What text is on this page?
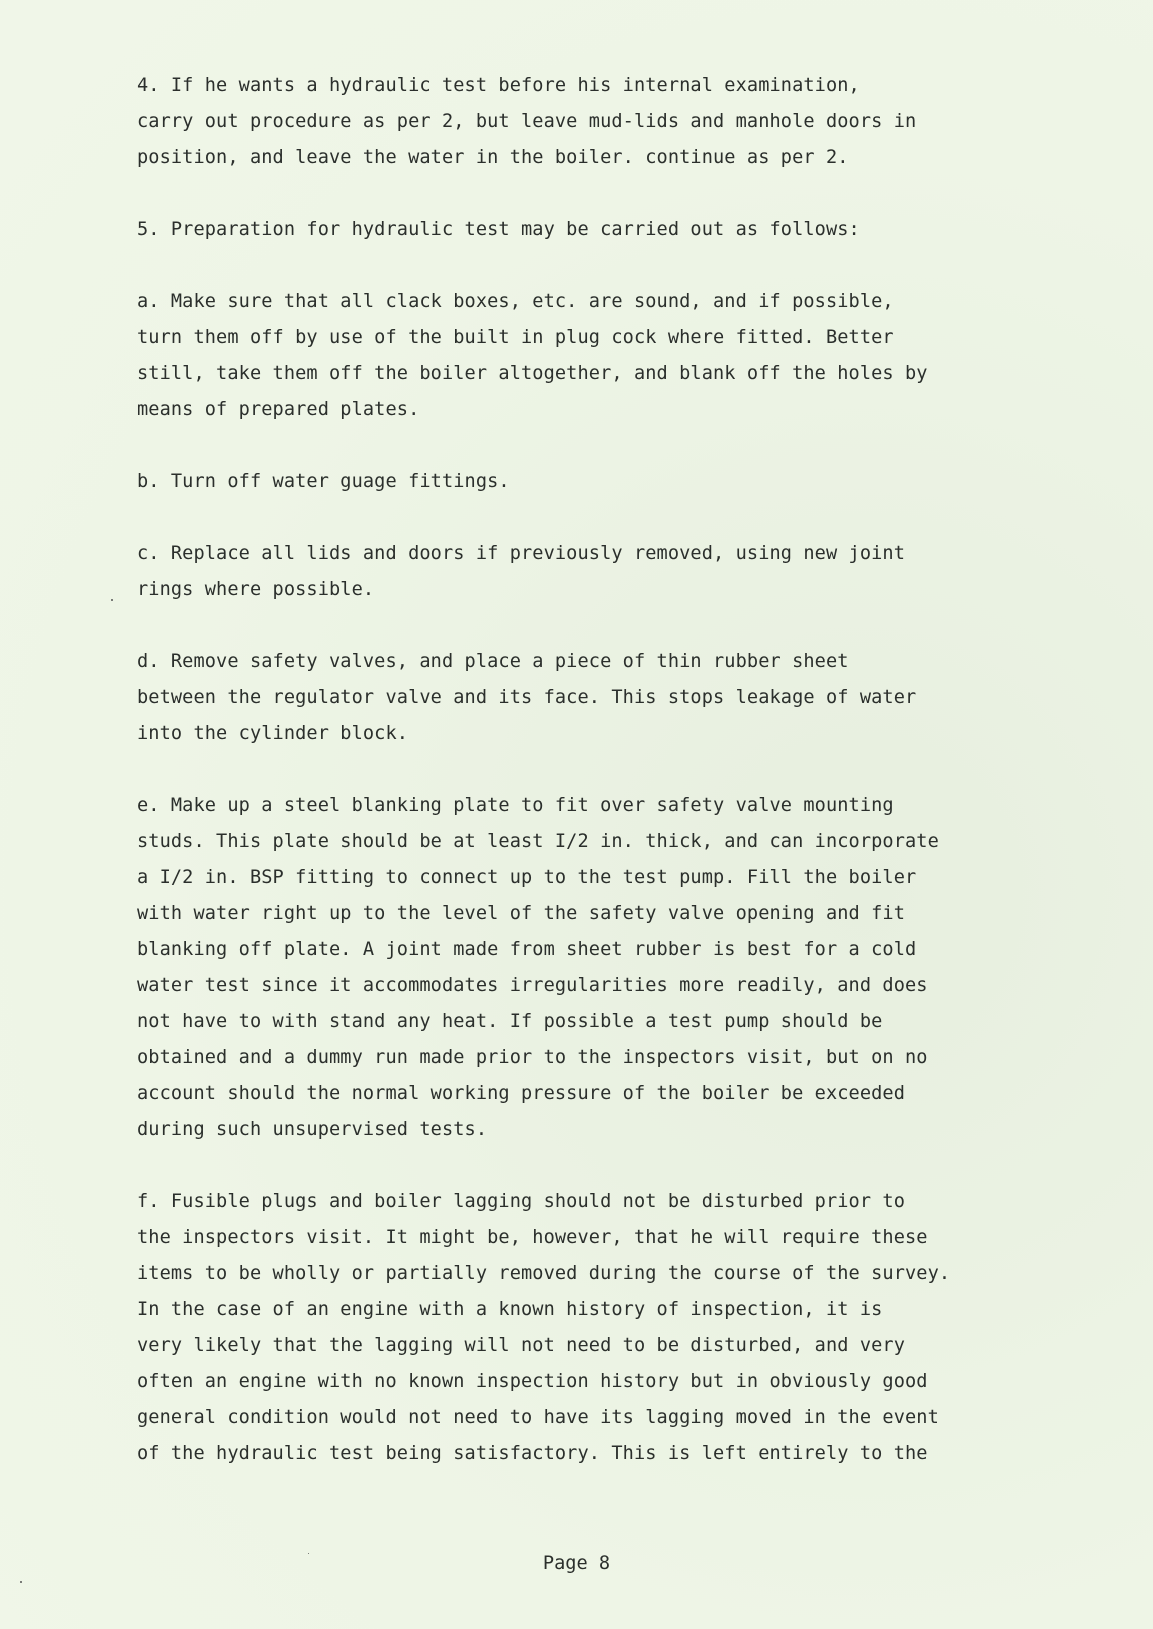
4. If he wants a hydraulic test before his internal examination,
carry out procedure as per 2, but leave mud-lids and manhole doors in
position, and leave the water in the boiler. continue as per 2.

5. Preparation for hydraulic test may be carried out as follows:

a. Make sure that all clack boxes, etc. are sound, and if possible,
turn them off by use of the built in plug cock where fitted. Better
still, take them off the boiler altogether, and blank off the holes by
means of prepared plates.

b. Turn off water guage fittings.

c. Replace all lids and doors if previously removed, using new joint
rings where possible.

d. Remove safety valves, and place a piece of thin rubber sheet
between the regulator valve and its face. This stops leakage of water
into the cylinder block.

e. Make up a steel blanking plate to fit over safety valve mounting
studs. This plate should be at least I/2 in. thick, and can incorporate
a I/2 in. BSP fitting to connect up to the test pump. Fill the boiler
with water right up to the level of the safety valve opening and fit
blanking off plate. A joint made from sheet rubber is best for a cold
water test since it accommodates irregularities more readily, and does
not have to with stand any heat. If possible a test pump should be
obtained and a dummy run made prior to the inspectors visit, but on no
account should the normal working pressure of the boiler be exceeded
during such unsupervised tests.

f. Fusible plugs and boiler lagging should not be disturbed prior to
the inspectors visit. It might be, however, that he will require these
items to be wholly or partially removed during the course of the survey.
In the case of an engine with a known history of inspection, it is
very likely that the lagging will not need to be disturbed, and very
often an engine with no known inspection history but in obviously good
general condition would not need to have its lagging moved in the event
of the hydraulic test being satisfactory. This is left entirely to the

Page 8
